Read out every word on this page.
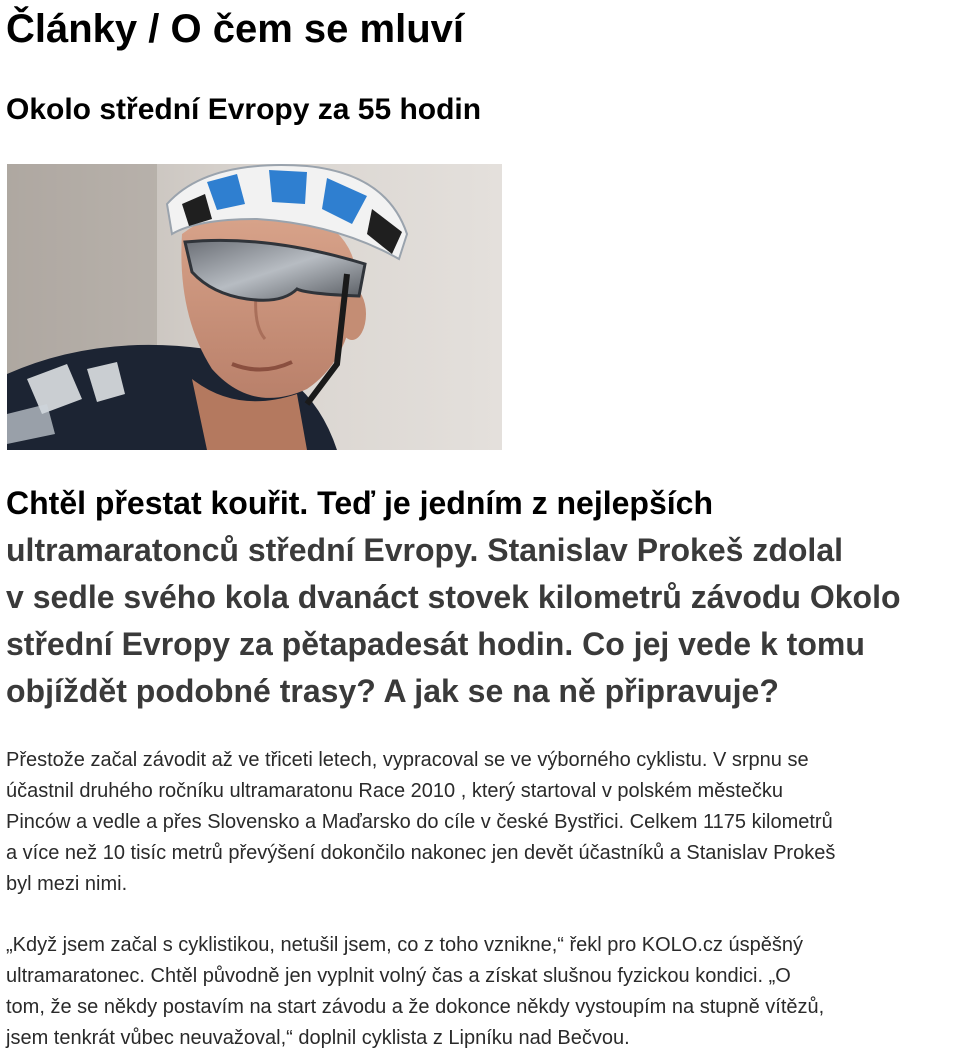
Články / O čem se mluví
Okolo střední Evropy za 55 hodin
Chtěl přestat kouřit. Teď je jedním z nejlepších
ultramaratonců střední Evropy. Stanislav Prokeš zdolal
v sedle svého kola dvanáct stovek kilometrů závodu Okolo
střední Evropy za pětapadesát hodin. Co jej vede k tomu
objíždět podobné trasy? A jak se na ně připravuje?
Přestože začal závodit až ve třiceti letech, vypracoval se ve výborného cyklistu. V srpnu se
účastnil druhého ročníku ultramaratonu Race 2010 , který startoval v polském městečku
Pinców a vedle a přes Slovensko a Maďarsko do cíle v české Bystřici. Celkem 1175 kilometrů
a více než 10 tisíc metrů převýšení dokončilo nakonec jen devět účastníků a Stanislav Prokeš
byl mezi nimi.
„Když jsem začal s cyklistikou, netušil jsem, co z toho vznikne,“ řekl pro KOLO.cz úspěšný
ultramaratonec. Chtěl původně jen vyplnit volný čas a získat slušnou fyzickou kondici. „O
tom, že se někdy postavím na start závodu a že dokonce někdy vystoupím na stupně vítězů,
jsem tenkrát vůbec neuvažoval,“ doplnil cyklista z Lipníku nad Bečvou.
